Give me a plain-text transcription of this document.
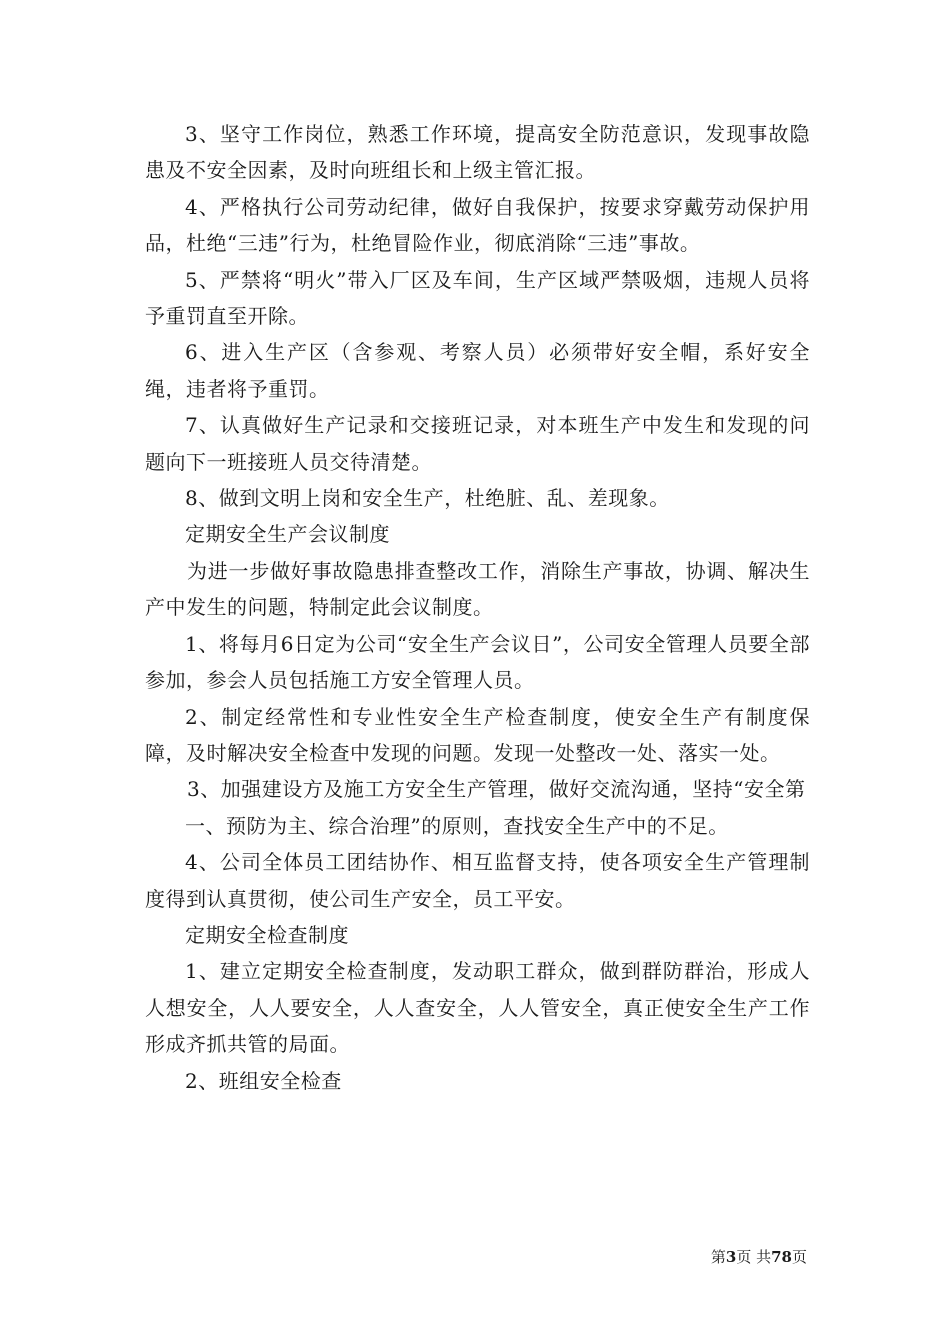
3、坚守工作岗位，熟悉工作环境，提高安全防范意识，发现事故隐患及不安全因素，及时向班组长和上级主管汇报。

4、严格执行公司劳动纪律，做好自我保护，按要求穿戴劳动保护用品，杜绝“三违”行为，杜绝冒险作业，彻底消除“三违”事故。

5、严禁将“明火”带入厂区及车间，生产区域严禁吸烟，违规人员将予重罚直至开除。

6、进入生产区（含参观、考察人员）必须带好安全帽，系好安全绳，违者将予重罚。

7、认真做好生产记录和交接班记录，对本班生产中发生和发现的问题向下一班接班人员交待清楚。

8、做到文明上岗和安全生产，杜绝脏、乱、差现象。

定期安全生产会议制度

为进一步做好事故隐患排查整改工作，消除生产事故，协调、解决生产中发生的问题，特制定此会议制度。

1、将每月6日定为公司“安全生产会议日”，公司安全管理人员要全部参加，参会人员包括施工方安全管理人员。

2、制定经常性和专业性安全生产检查制度，使安全生产有制度保障，及时解决安全检查中发现的问题。发现一处整改一处、落实一处。

3、加强建设方及施工方安全生产管理，做好交流沟通，坚持“安全第

一、预防为主、综合治理”的原则，查找安全生产中的不足。

4、公司全体员工团结协作、相互监督支持，使各项安全生产管理制度得到认真贯彻，使公司生产安全，员工平安。

定期安全检查制度

1、建立定期安全检查制度，发动职工群众，做到群防群治，形成人人想安全，人人要安全，人人查安全，人人管安全，真正使安全生产工作形成齐抓共管的局面。

2、班组安全检查

第3页 共78页
